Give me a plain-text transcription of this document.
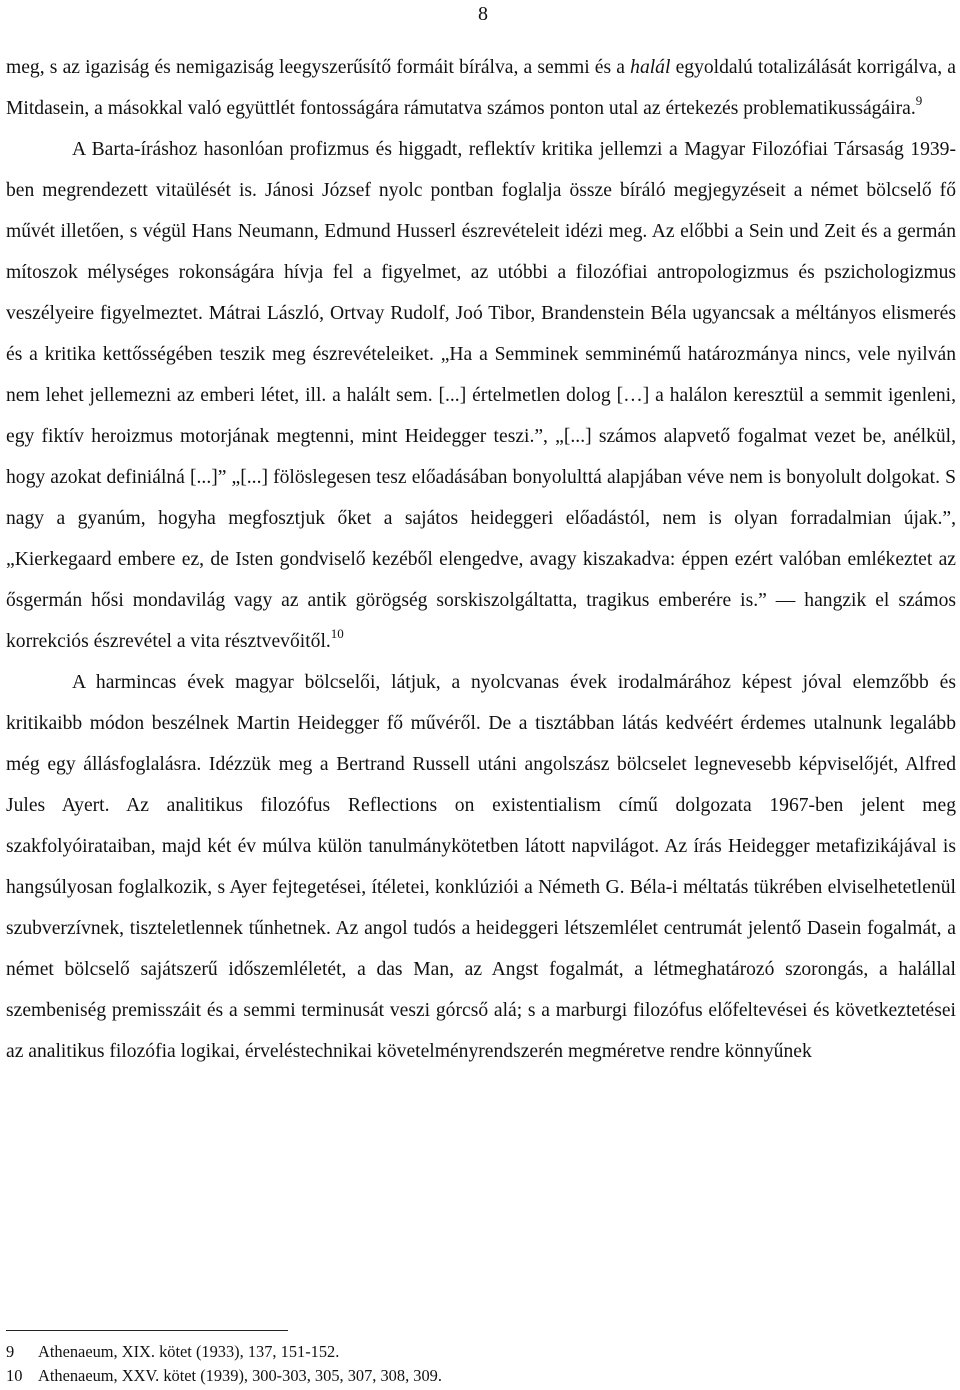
8

meg, s az igaziság és nemigaziság leegyszerűsítő formáit bírálva, a semmi és a halál egyoldalú totalizálását korrigálva, a Mitdasein, a másokkal való együttlét fontosságára rámutatva számos ponton utal az értekezés problematikusságáira.$^9$

A Barta-íráshoz hasonlóan profizmus és higgadt, reflektív kritika jellemzi a Magyar Filozófiai Társaság 1939-ben megrendezett vitaülését is. Jánosi József nyolc pontban foglalja össze bíráló megjegyzéseit a német bölcselő fő művét illetően, s végül Hans Neumann, Edmund Husserl észrevételeit idézi meg. Az előbbi a Sein und Zeit és a germán mítoszok mélységes rokonságára hívja fel a figyelmet, az utóbbi a filozófiai antropologizmus és pszichologizmus veszélyeire figyelmeztet. Mátrai László, Ortvay Rudolf, Joó Tibor, Brandenstein Béla ugyancsak a méltányos elismerés és a kritika kettősségében teszik meg észrevételeiket. „Ha a Semminek semminémű határozmánya nincs, vele nyilván nem lehet jellemezni az emberi létet, ill. a halált sem. [...] értelmetlen dolog […] a halálon keresztül a semmit igenleni, egy fiktív heroizmus motorjának megtenni, mint Heidegger teszi.”, „[...] számos alapvető fogalmat vezet be, anélkül, hogy azokat definiálná [...]” „[...] fölöslegesen tesz előadásában bonyolulttá alapjában véve nem is bonyolult dolgokat. S nagy a gyanúm, hogyha megfosztjuk őket a sajátos heideggeri előadástól, nem is olyan forradalmian újak.”, „Kierkegaard embere ez, de Isten gondviselő kezéből elengedve, avagy kiszakadva: éppen ezért valóban emlékeztet az ősgermán hősi mondavilág vagy az antik görögség sorskiszolgáltatta, tragikus emberére is.” — hangzik el számos korrekciós észrevétel a vita résztvevőitől.$^{10}$

A harmincas évek magyar bölcselői, látjuk, a nyolcvanas évek irodalmárához képest jóval elemzőbb és kritikaibb módon beszélnek Martin Heidegger fő művéről. De a tisztábban látás kedvéért érdemes utalnunk legalább még egy állásfoglalásra. Idézzük meg a Bertrand Russell utáni angolszász bölcselet legnevesebb képviselőjét, Alfred Jules Ayert. Az analitikus filozófus Reflections on existentialism című dolgozata 1967-ben jelent meg szakfolyóirataiban, majd két év múlva külön tanulmánykötetben látott napvilágot. Az írás Heidegger metafizikájával is hangsúlyosan foglalkozik, s Ayer fejtegetései, ítéletei, konklúziói a Németh G. Béla-i méltatás tükrében elviselhetetlenül szubverzívnek, tiszteletlennek tűnhetnek. Az angol tudós a heideggeri létszemlélet centrumát jelentő Dasein fogalmát, a német bölcselő sajátszerű időszemléletét, a das Man, az Angst fogalmát, a létmeghatározó szorongás, a halállal szembeniség premisszáit és a semmi terminusát veszi górcső alá; s a marburgi filozófus előfeltevései és következtetései az analitikus filozófia logikai, érveléstechnikai követelményrendszerén megméretve rendre könnyűnek

9	Athenaeum, XIX. kötet (1933), 137, 151-152.
10 Athenaeum, XXV. kötet (1939), 300-303, 305, 307, 308, 309.
